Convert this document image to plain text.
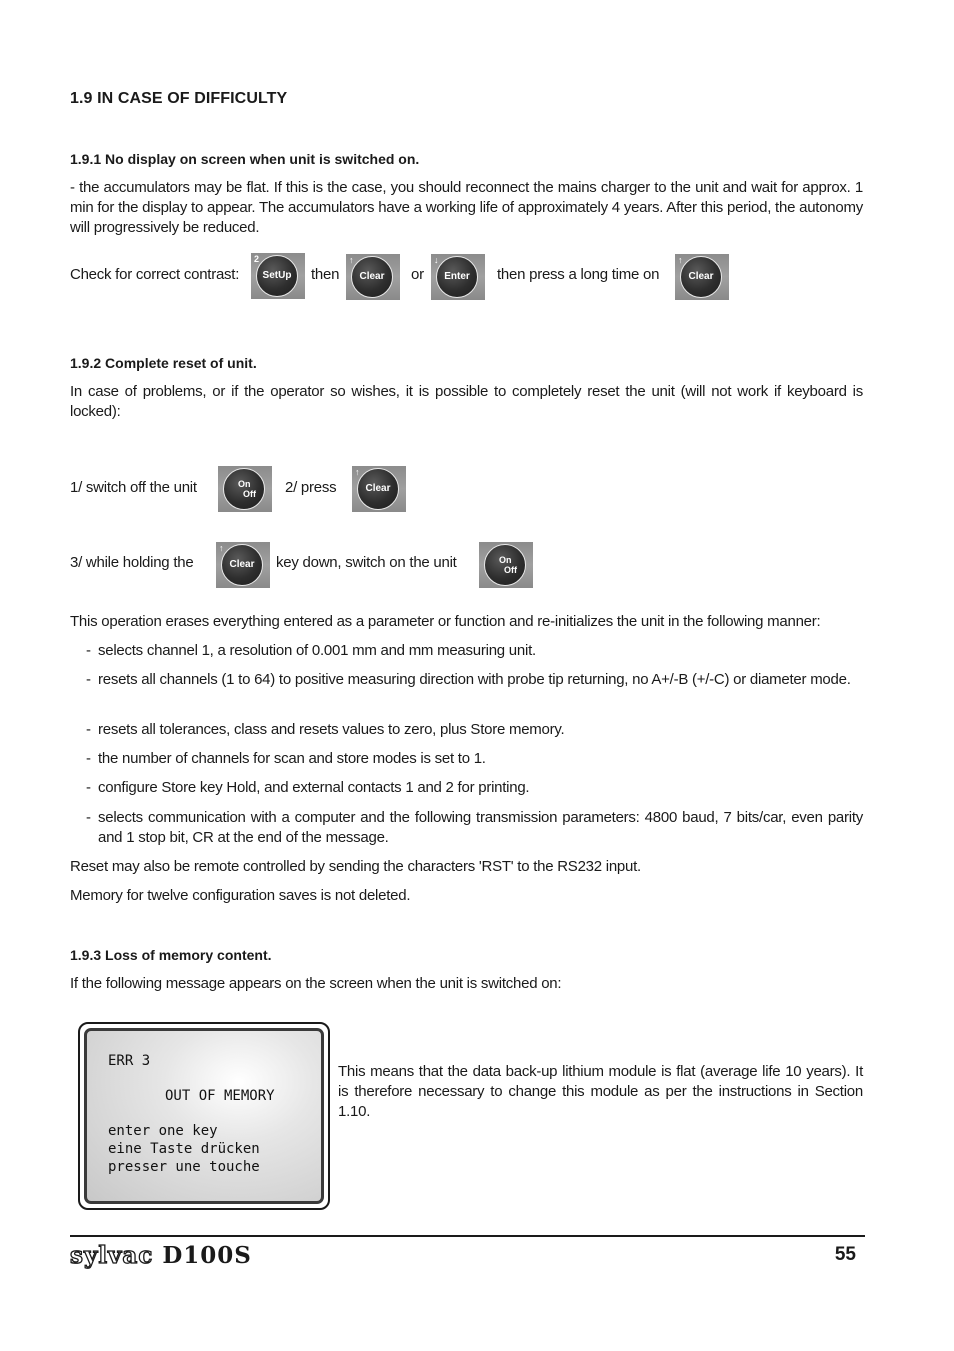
1.9 IN CASE OF DIFFICULTY
1.9.1 No display on screen when unit is switched on.
- the accumulators may be flat. If this is the case, you should reconnect the mains charger to the unit and wait for approx. 1 min for the display to appear. The accumulators have a working life of approximately 4 years. After this period, the autonomy will progressively be reduced.
Check for correct contrast:
2
SetUp	then
↑
Clear	or
↓
Enter	then press a long time on
↑
Clear
1.9.2 Complete reset of unit.
In case of problems, or if the operator so wishes, it is possible to completely reset the unit (will not work if keyboard is locked):
1/ switch off the unit	On
Off 2/ press
↑
Clear
3/ while holding the
↑
Clear	key down, switch on the unit	On
Off
This operation erases everything entered as a parameter or function and re-initializes the unit in the following manner:
- selects channel 1, a resolution of 0.001 mm and mm measuring unit.
- resets all channels (1 to 64) to positive measuring direction with probe tip returning, no A+/-B (+/-C) or diameter mode.
- resets all tolerances, class and resets values to zero, plus Store memory.
- the number of channels for scan and store modes is set to 1.
- configure Store key Hold, and external contacts 1 and 2 for printing.
- selects communication with a computer and the following transmission parameters: 4800 baud, 7 bits/car, even parity and 1 stop bit, CR at the end of the message.
Reset may also be remote controlled by sending the characters 'RST' to the RS232 input.
Memory for twelve configuration saves is not deleted.
1.9.3 Loss of memory content.
If the following message appears on the screen when the unit is switched on:
ERR 3
OUT OF MEMORY
enter one key
eine Taste drücken
presser une touche
This means that the data back-up lithium module is flat (average life 10 years). It is therefore necessary to change this module as per the instructions in Section 1.10.
sylvac D100S	55
